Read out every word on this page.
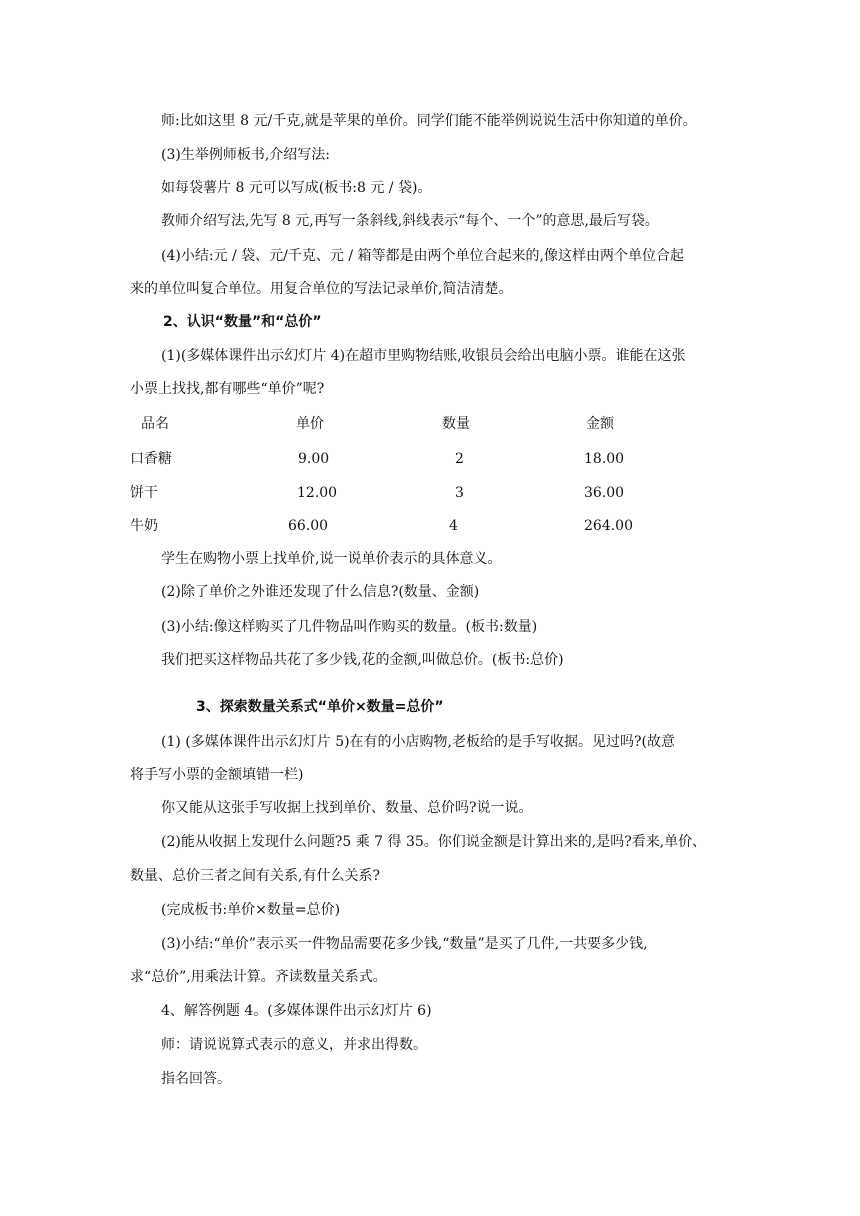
师:比如这里 8 元/千克,就是苹果的单价。同学们能不能举例说说生活中你知道的单价。
(3)生举例师板书,介绍写法:
如每袋薯片 8 元可以写成(板书:8 元 / 袋)。
教师介绍写法,先写 8 元,再写一条斜线,斜线表示“每个、一个”的意思,最后写袋。
(4)小结:元 / 袋、元/千克、元 / 箱等都是由两个单位合起来的,像这样由两个单位合起
来的单位叫复合单位。用复合单位的写法记录单价,简洁清楚。
2、认识“数量”和“总价”
(1)(多媒体课件出示幻灯片 4)在超市里购物结账,收银员会给出电脑小票。谁能在这张
小票上找找,都有哪些“单价”呢?
品名	单价	数量	金额
口香糖	9.00	2	18.00
饼干	12.00	3	36.00
牛奶	66.00	4	264.00
学生在购物小票上找单价,说一说单价表示的具体意义。
(2)除了单价之外谁还发现了什么信息?(数量、金额)
(3)小结:像这样购买了几件物品叫作购买的数量。(板书:数量)
我们把买这样物品共花了多少钱,花的金额,叫做总价。(板书:总价)
3、探索数量关系式“单价×数量=总价”
(1) (多媒体课件出示幻灯片 5)在有的小店购物,老板给的是手写收据。见过吗?(故意
将手写小票的金额填错一栏)
你又能从这张手写收据上找到单价、数量、总价吗?说一说。
(2)能从收据上发现什么问题?5 乘 7 得 35。你们说金额是计算出来的,是吗?看来,单价、
数量、总价三者之间有关系,有什么关系?
(完成板书:单价×数量=总价)
(3)小结:“单价”表示买一件物品需要花多少钱,“数量”是买了几件,一共要多少钱,
求“总价”,用乘法计算。齐读数量关系式。
4、解答例题 4。(多媒体课件出示幻灯片 6)
师：请说说算式表示的意义，并求出得数。
指名回答。
